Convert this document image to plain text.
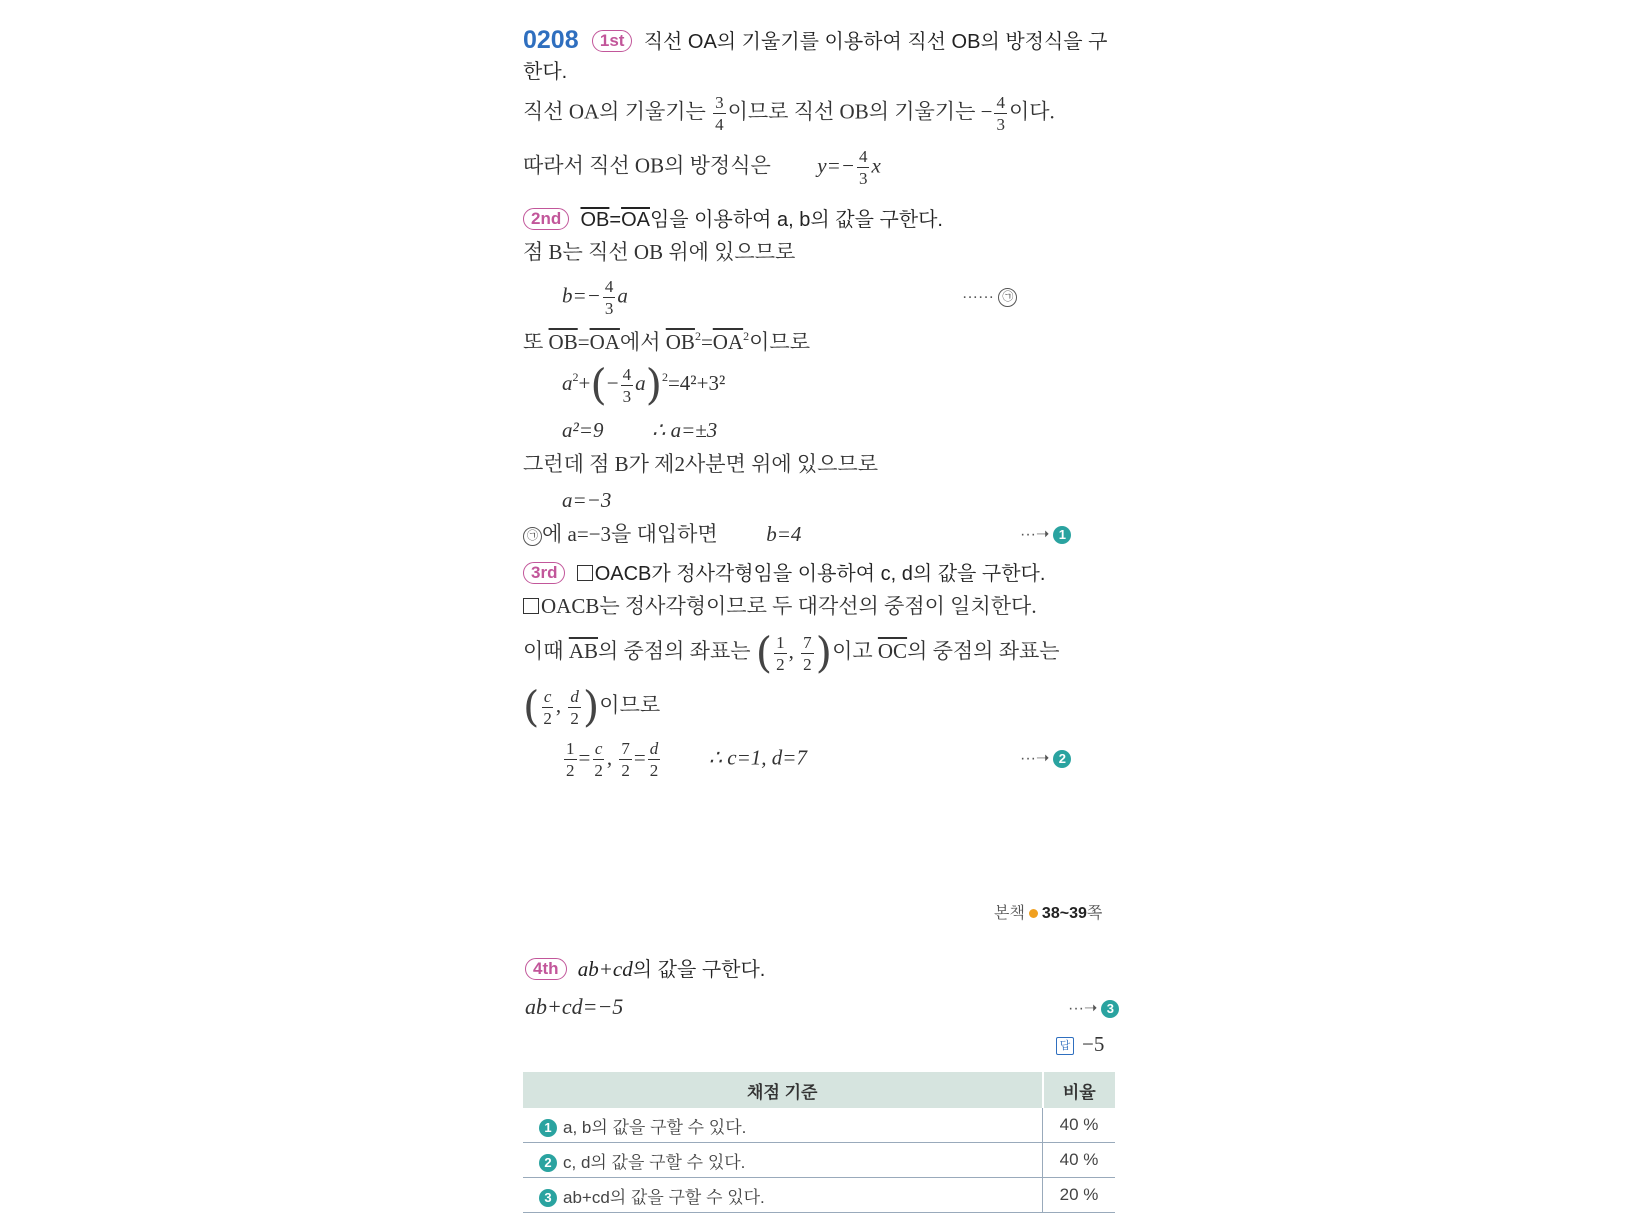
0208 1st 직선 OA의 기울기를 이용하여 직선 OB의 방정식을 구
한다.
직선 OA의 기울기는 $\frac{3}{4}$ 이므로 직선 OB의 기울기는 − $\frac{4}{3}$ 이다.
따라서 직선 OB의 방정식은 $y=- \frac{4}{3}$ x
2nd $\overline{OB}=\overline{OA}$임을 이용하여 a, b의 값을 구한다.
점 B는 직선 OB 위에 있으므로
$b=- \frac{4}{3}$ a	······ ㉠
또 $\overline{OB}=\overline{OA}$에서 $\overline{OB}^2=\overline{OA}^2$이므로
$a^2+(- \frac{4}{3} a)^2=4^2+3^2$
a²=9 ∴ a=±3
그런데 점 B가 제2사분면 위에 있으므로
a=−3
㉠ 에 a=−3을 대입하면 b=4	···➝ 1
3rd OACB가 정사각형임을 이용하여 c, d의 값을 구한다.
OACB는 정사각형이므로 두 대각선의 중점이 일치한다.
이때 $\overline{AB}$의 중점의 좌표는 ( $\frac{1}{2}$ , $\frac{7}{2}$ )이고 $\overline{OC}$의 중점의 좌표는
( $\frac{c}{2}$ , $\frac{d}{2}$ )이므로
$\frac{1}{2} = \frac{c}{2}$ , $\frac{7}{2} = \frac{d}{2}$ ∴ c=1, d=7	···➝ 2
본책 38~39쪽
4th ab+cd의 값을 구한다.
ab+cd=−5	···➝ 3
답 −5
채점 기준	비율
1 a, b의 값을 구할 수 있다.	40 %
2 c, d의 값을 구할 수 있다.	40 %
3 ab+cd의 값을 구할 수 있다.	20 %
